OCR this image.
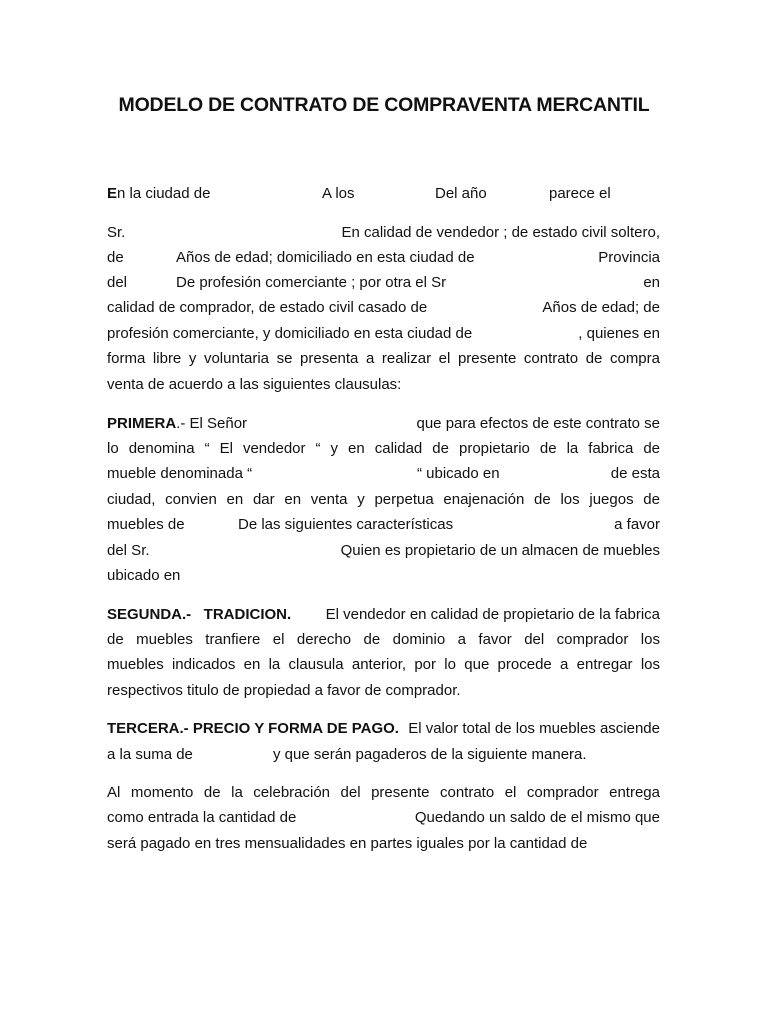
MODELO DE CONTRATO DE COMPRAVENTA MERCANTIL
En la ciudad de	A los	Del año	parece el
Sr.	En calidad de vendedor ; de estado civil soltero,
de	Años de edad; domiciliado en esta ciudad de	Provincia
del	De profesión comerciante ; por otra el Sr	en
calidad de comprador, de estado civil casado de	Años de edad; de
profesión comerciante, y domiciliado en esta ciudad de	, quienes en
forma libre y voluntaria se presenta a realizar el presente contrato de compra
venta de acuerdo a las siguientes clausulas:
PRIMERA.- El Señor	que para efectos de este contrato se
lo denomina “ El vendedor “ y en calidad de propietario de la fabrica de
mueble denominada “	“ ubicado en	de esta
ciudad, convien en dar en venta y perpetua enajenación de los juegos de
muebles de	De las siguientes características	a favor
del Sr.	Quien es propietario de un almacen de muebles
ubicado en
SEGUNDA.-   TRADICION. El vendedor en calidad de propietario de la fabrica
de muebles tranfiere el derecho de dominio a favor del comprador los
muebles indicados en la clausula anterior, por lo que procede a entregar los
respectivos titulo de propiedad a favor de comprador.
TERCERA.- PRECIO Y FORMA DE PAGO. El valor total de los muebles asciende
a la suma de	y que serán pagaderos de la siguiente manera.
Al momento de la celebración del presente contrato el comprador entrega
como entrada la cantidad de	Quedando un saldo de el mismo que
será pagado en tres mensualidades en partes iguales por la cantidad de
